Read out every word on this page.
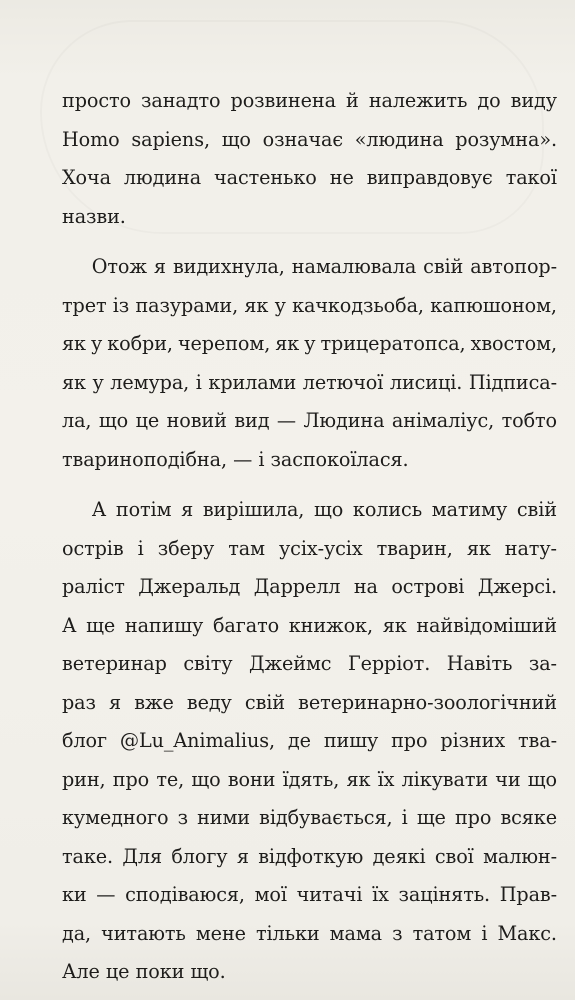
просто занадто розвинена й належить до виду
Homo sapiens, що означає «людина розумна».
Хоча людина частенько не виправдовує такої
назви.
Отож я видихнула, намалювала свій автопор-
трет із пазурами, як у качкодзьоба, капюшоном,
як у кобри, черепом, як у трицератопса, хвостом,
як у лемура, і крилами летючої лисиці. Підписа-
ла, що це новий вид — Людина анімаліус, тобто
твариноподібна, — і заспокоїлася.
А потім я вирішила, що колись матиму свій
острів і зберу там усіх-усіх тварин, як нату-
раліст Джеральд Даррелл на острові Джерсі.
А ще напишу багато книжок, як найвідоміший
ветеринар світу Джеймс Герріот. Навіть за-
раз я вже веду свій ветеринарно-зоологічний
блог @Lu_Animalius, де пишу про різних тва-
рин, про те, що вони їдять, як їх лікувати чи що
кумедного з ними відбувається, і ще про всяке
таке. Для блогу я відфоткую деякі свої малюн-
ки — сподіваюся, мої читачі їх зацінять. Прав-
да, читають мене тільки мама з татом і Макс.
Але це поки що.
